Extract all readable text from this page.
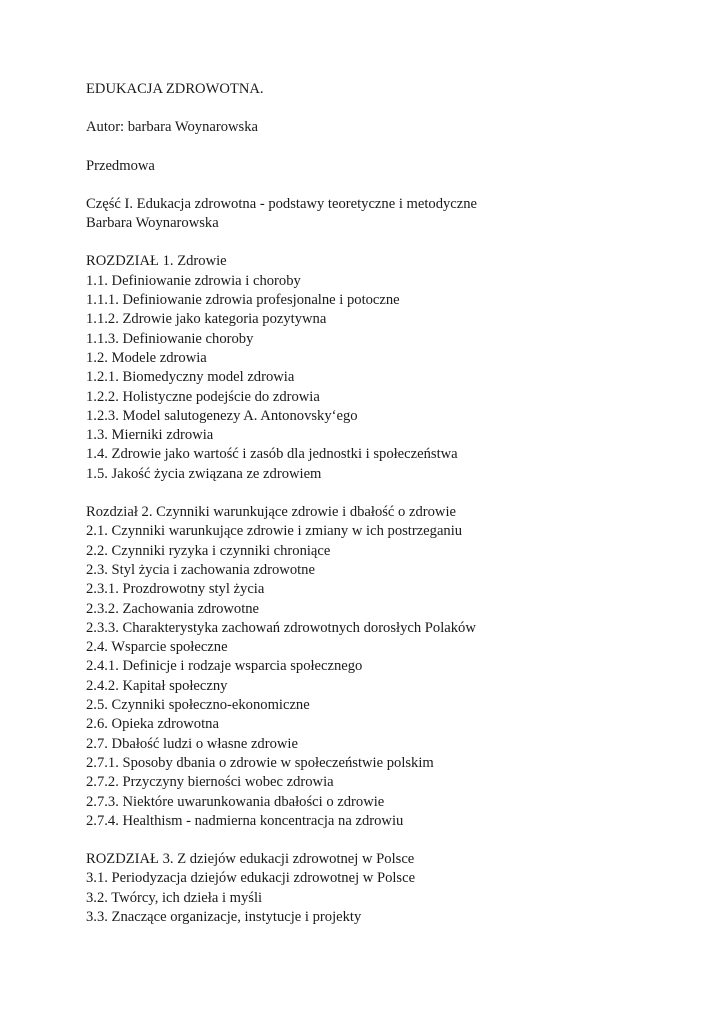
EDUKACJA ZDROWOTNA.
Autor: barbara Woynarowska
Przedmowa
Część I. Edukacja zdrowotna - podstawy teoretyczne i metodyczne
Barbara Woynarowska
ROZDZIAŁ 1. Zdrowie
1.1. Definiowanie zdrowia i choroby
1.1.1. Definiowanie zdrowia profesjonalne i potoczne
1.1.2. Zdrowie jako kategoria pozytywna
1.1.3. Definiowanie choroby
1.2. Modele zdrowia
1.2.1. Biomedyczny model zdrowia
1.2.2. Holistyczne podejście do zdrowia
1.2.3. Model salutogenezy A. Antonovsky‘ego
1.3. Mierniki zdrowia
1.4. Zdrowie jako wartość i zasób dla jednostki i społeczeństwa
1.5. Jakość życia związana ze zdrowiem
Rozdział 2. Czynniki warunkujące zdrowie i dbałość o zdrowie
2.1. Czynniki warunkujące zdrowie i zmiany w ich postrzeganiu
2.2. Czynniki ryzyka i czynniki chroniące
2.3. Styl życia i zachowania zdrowotne
2.3.1. Prozdrowotny styl życia
2.3.2. Zachowania zdrowotne
2.3.3. Charakterystyka zachowań zdrowotnych dorosłych Polaków
2.4. Wsparcie społeczne
2.4.1. Definicje i rodzaje wsparcia społecznego
2.4.2. Kapitał społeczny
2.5. Czynniki społeczno-ekonomiczne
2.6. Opieka zdrowotna
2.7. Dbałość ludzi o własne zdrowie
2.7.1. Sposoby dbania o zdrowie w społeczeństwie polskim
2.7.2. Przyczyny bierności wobec zdrowia
2.7.3. Niektóre uwarunkowania dbałości o zdrowie
2.7.4. Healthism - nadmierna koncentracja na zdrowiu
ROZDZIAŁ 3. Z dziejów edukacji zdrowotnej w Polsce
3.1. Periodyzacja dziejów edukacji zdrowotnej w Polsce
3.2. Twórcy, ich dzieła i myśli
3.3. Znaczące organizacje, instytucje i projekty
